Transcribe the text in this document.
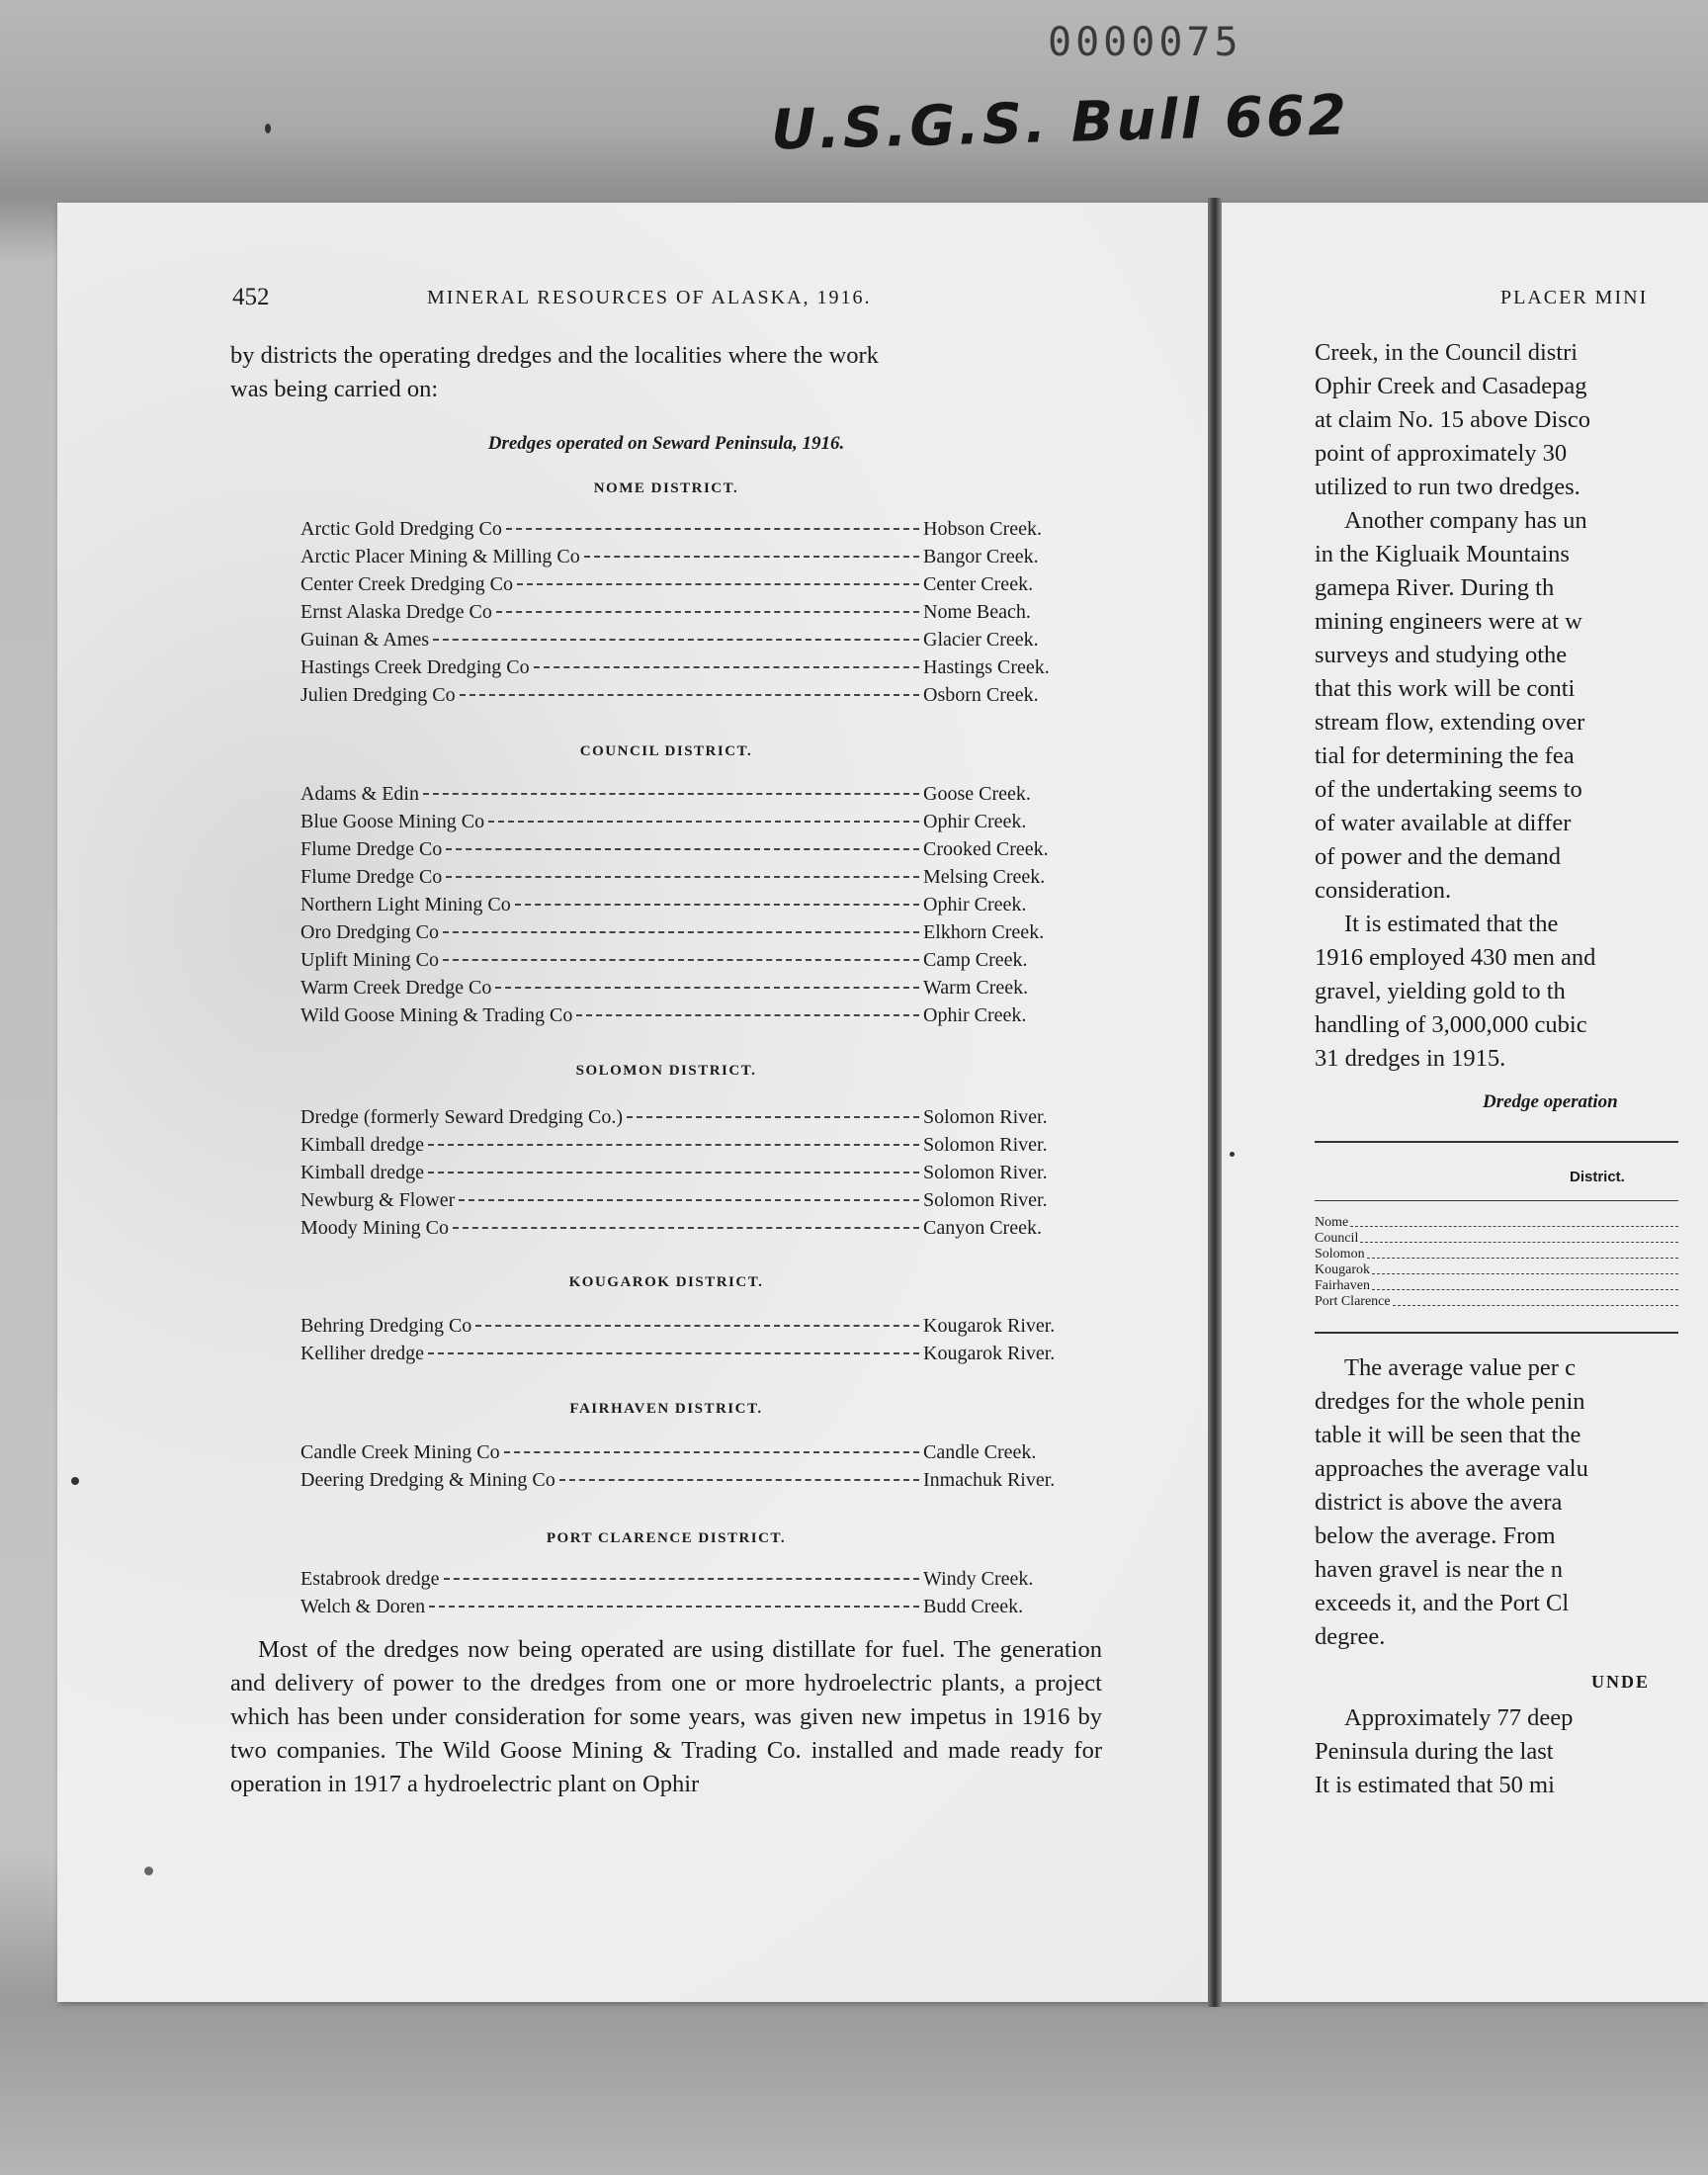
0000075
U.S.G.S. Bull 662
452	MINERAL RESOURCES OF ALASKA, 1916.
by districts the operating dredges and the localities where the work
was being carried on:
Dredges operated on Seward Peninsula, 1916.
NOME DISTRICT.
Arctic Gold Dredging Co	Hobson Creek.
Arctic Placer Mining & Milling Co	Bangor Creek.
Center Creek Dredging Co	Center Creek.
Ernst Alaska Dredge Co	Nome Beach.
Guinan & Ames	Glacier Creek.
Hastings Creek Dredging Co	Hastings Creek.
Julien Dredging Co	Osborn Creek.
COUNCIL DISTRICT.
Adams & Edin	Goose Creek.
Blue Goose Mining Co	Ophir Creek.
Flume Dredge Co	Crooked Creek.
Flume Dredge Co	Melsing Creek.
Northern Light Mining Co	Ophir Creek.
Oro Dredging Co	Elkhorn Creek.
Uplift Mining Co	Camp Creek.
Warm Creek Dredge Co	Warm Creek.
Wild Goose Mining & Trading Co	Ophir Creek.
SOLOMON DISTRICT.
Dredge (formerly Seward Dredging Co.)	Solomon River.
Kimball dredge	Solomon River.
Kimball dredge	Solomon River.
Newburg & Flower	Solomon River.
Moody Mining Co	Canyon Creek.
KOUGAROK DISTRICT.
Behring Dredging Co	Kougarok River.
Kelliher dredge	Kougarok River.
FAIRHAVEN DISTRICT.
Candle Creek Mining Co	Candle Creek.
Deering Dredging & Mining Co	Inmachuk River.
PORT CLARENCE DISTRICT.
Estabrook dredge	Windy Creek.
Welch & Doren	Budd Creek.

Most of the dredges now being operated are using distillate for fuel. The generation and delivery of power to the dredges from one or more hydroelectric plants, a project which has been under consideration for some years, was given new impetus in 1916 by two companies. The Wild Goose Mining & Trading Co. installed and made ready for operation in 1917 a hydroelectric plant on Ophir

PLACER MINI
Creek, in the Council distri
Ophir Creek and Casadepag
at claim No. 15 above Disco
point of approximately 30
utilized to run two dredges.
Another company has un
in the Kigluaik Mountains
gamepa River. During th
mining engineers were at w
surveys and studying othe
that this work will be conti
stream flow, extending over
tial for determining the fea
of the undertaking seems to
of water available at differ
of power and the demand
consideration.
It is estimated that the
1916 employed 430 men and
gravel, yielding gold to th
handling of 3,000,000 cubic
31 dredges in 1915.
Dredge operation
District.
Nome
Council
Solomon
Kougarok
Fairhaven
Port Clarence
The average value per c
dredges for the whole penin
table it will be seen that the
approaches the average valu
district is above the avera
below the average. From
haven gravel is near the n
exceeds it, and the Port Cl
degree.
UNDE
Approximately 77 deep
Peninsula during the last
It is estimated that 50 mi
